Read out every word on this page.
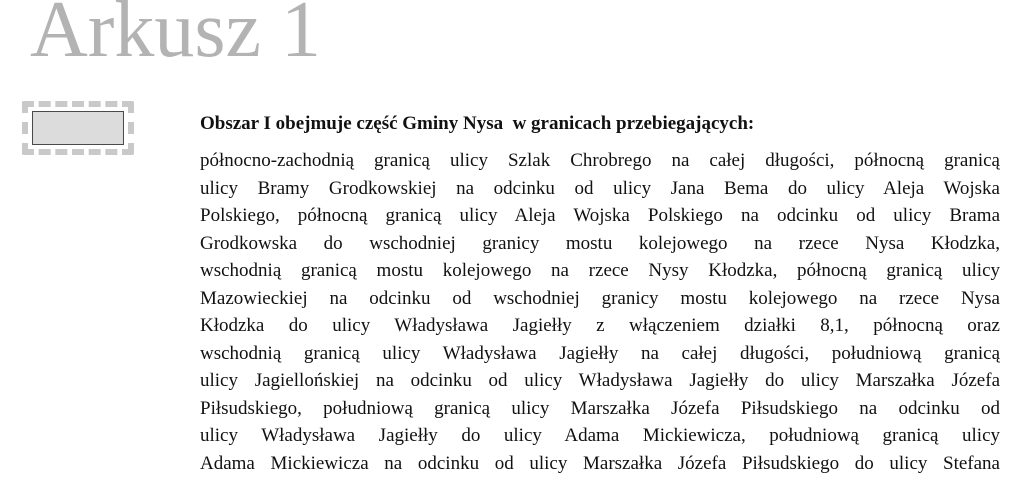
Arkusz 1
Obszar I obejmuje część Gminy Nysa  w granicach przebiegających:
północno-zachodnią granicą ulicy Szlak Chrobrego na całej długości, północną granicą
ulicy Bramy Grodkowskiej na odcinku od ulicy Jana Bema do ulicy Aleja Wojska
Polskiego, północną granicą ulicy Aleja Wojska Polskiego na odcinku od ulicy Brama
Grodkowska do wschodniej granicy mostu kolejowego na rzece Nysa Kłodzka,
wschodnią granicą mostu kolejowego na rzece Nysy Kłodzka, północną granicą ulicy
Mazowieckiej na odcinku od wschodniej granicy mostu kolejowego na rzece Nysa
Kłodzka do ulicy Władysława Jagiełły z włączeniem działki 8,1, północną oraz
wschodnią granicą ulicy Władysława Jagiełły na całej długości, południową granicą
ulicy Jagiellońskiej na odcinku od ulicy Władysława Jagiełły do ulicy Marszałka Józefa
Piłsudskiego, południową granicą ulicy Marszałka Józefa Piłsudskiego na odcinku od
ulicy Władysława Jagiełły do ulicy Adama Mickiewicza, południową granicą ulicy
Adama Mickiewicza na odcinku od ulicy Marszałka Józefa Piłsudskiego do ulicy Stefana
